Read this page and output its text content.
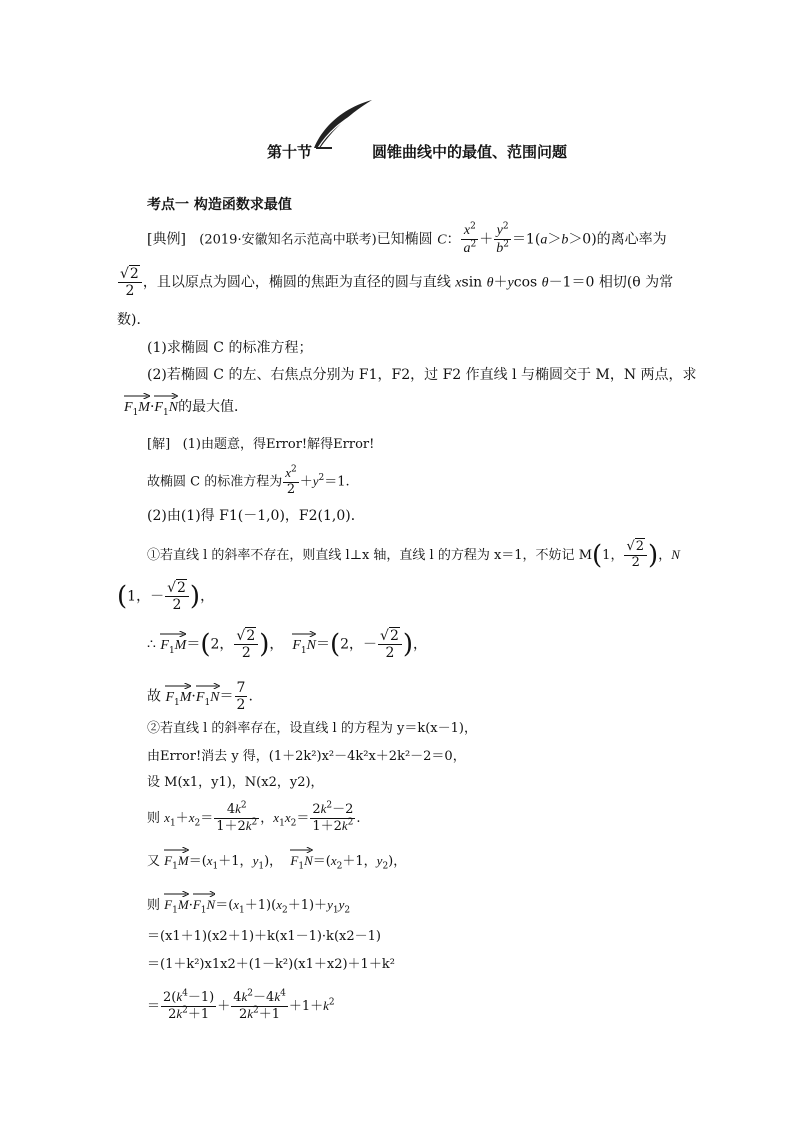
第十节	圆锥曲线中的最值、范围问题
考点一 构造函数求最值
[典例] (2019·安徽知名示范高中联考)已知椭圆 C： $\frac{x^2}{a^2} + \frac{y^2}{b^2} =1(a>b>0)$的离心率为
$\frac{√2}{2}$ ，且以原点为圆心，椭圆的焦距为直径的圆与直线 xsin θ＋ycos θ－1＝0 相切(θ 为常
数)．
(1)求椭圆 C 的标准方程；
(2)若椭圆 C 的左、右焦点分别为 F1，F2，过 F2 作直线 l 与椭圆交于 M，N 两点，求
$F_1M\cdot$
$F_1N$的最大值．
[解] (1)由题意，得Error!解得Error!
故椭圆 C 的标准方程为 $\frac{x^2}{2} +y^2=1$.
(2)由(1)得 F1(－1,0)，F2(1,0)．
①若直线 l 的斜率不存在，则直线 l⊥x 轴，直线 l 的方程为 x＝1，不妨记 M(1， $\frac{√2}{2}$ )，N
(1，－ $\frac{√2}{2}$ )，
∴ $F_1M=(2$， $\frac{√2}{2}$ )，
$F_1N=(2$，－ $\frac{√2}{2}$ )，
故 $F_1M\cdot$
$F_1N= \frac{7}{2}$ .
②若直线 l 的斜率存在，设直线 l 的方程为 y＝k(x－1)，
由Error!消去 y 得，(1＋2k²)x²－4k²x＋2k²－2＝0，
设 M(x1，y1)，N(x2，y2)，
则 $x_1+x_2= \frac{4k^2}{1+2k^2}$ ，$x_1x_2= \frac{2k^2-2}{1+2k^2}$ .
又 $F_1M=(x_1+1$，$y_1$)，
$F_1N=(x_2+1$，$y_2$)，
则 $F_1M\cdot$
$F_1N=(x_1+1)(x_2+1)+y_1y_2$
＝(x1＋1)(x2＋1)＋k(x1－1)·k(x2－1)
＝(1＋k²)x1x2＋(1－k²)(x1＋x2)＋1＋k²
＝ $\frac{2(k^4-1)}{2k^2+1} + \frac{4k^2-4k^4}{2k^2+1} +1+k^2$
